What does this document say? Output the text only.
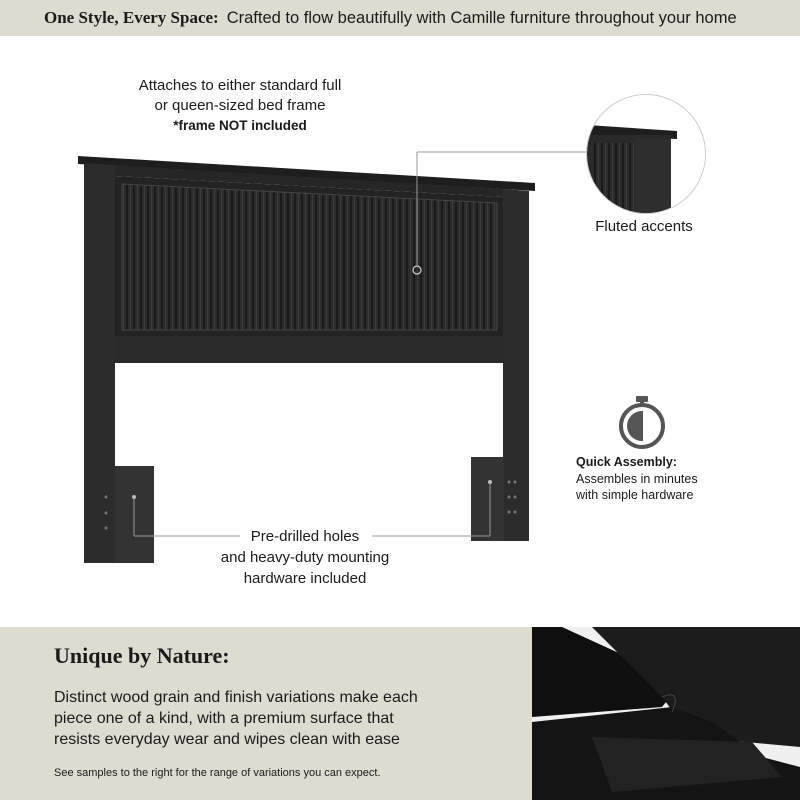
One Style, Every Space: Crafted to flow beautifully with Camille furniture throughout your home
Attaches to either standard full
or queen-sized bed frame
*frame NOT included
Fluted accents
Pre-drilled holes
and heavy-duty mounting
hardware included
Quick Assembly:
Assembles in minutes
with simple hardware
Unique by Nature:
Distinct wood grain and finish variations make each
piece one of a kind, with a premium surface that
resists everyday wear and wipes clean with ease
See samples to the right for the range of variations you can expect.
